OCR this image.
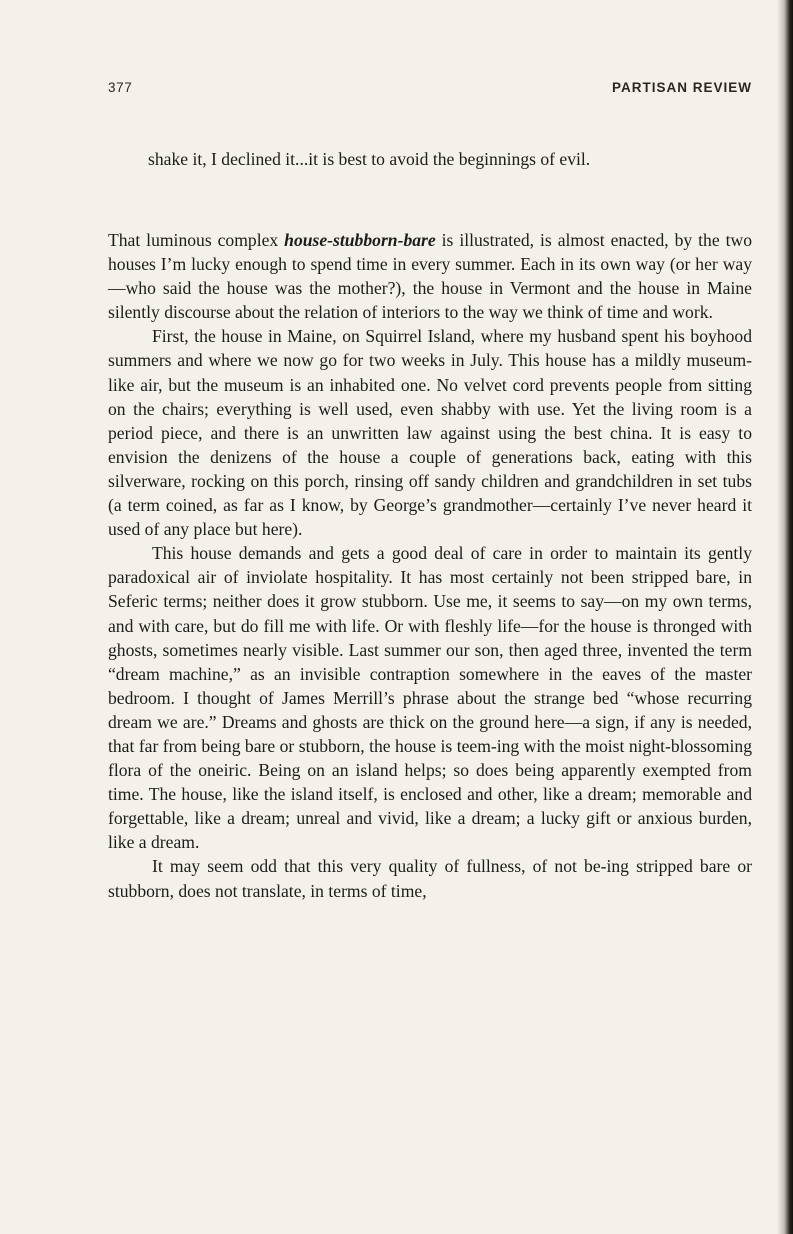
377	PARTISAN REVIEW
shake it, I declined it...it is best to avoid the beginnings of evil.

That luminous complex house-stubborn-bare is illustrated, is almost enacted, by the two houses I’m lucky enough to spend time in every summer. Each in its own way (or her way—who said the house was the mother?), the house in Vermont and the house in Maine silently discourse about the relation of interiors to the way we think of time and work.

First, the house in Maine, on Squirrel Island, where my husband spent his boyhood summers and where we now go for two weeks in July. This house has a mildly museum-like air, but the museum is an inhabited one. No velvet cord prevents people from sitting on the chairs; everything is well used, even shabby with use. Yet the living room is a period piece, and there is an unwritten law against using the best china. It is easy to envision the denizens of the house a couple of generations back, eating with this silverware, rocking on this porch, rinsing off sandy children and grandchildren in set tubs (a term coined, as far as I know, by George’s grandmother—certainly I’ve never heard it used of any place but here).

This house demands and gets a good deal of care in order to maintain its gently paradoxical air of inviolate hospitality. It has most certainly not been stripped bare, in Seferic terms; neither does it grow stubborn. Use me, it seems to say—on my own terms, and with care, but do fill me with life. Or with fleshly life—for the house is thronged with ghosts, sometimes nearly visible. Last summer our son, then aged three, invented the term “dream machine,” as an invisible contraption somewhere in the eaves of the master bedroom. I thought of James Merrill’s phrase about the strange bed “whose recurring dream we are.” Dreams and ghosts are thick on the ground here—a sign, if any is needed, that far from being bare or stubborn, the house is teem-ing with the moist night-blossoming flora of the oneiric. Being on an island helps; so does being apparently exempted from time. The house, like the island itself, is enclosed and other, like a dream; memorable and forgettable, like a dream; unreal and vivid, like a dream; a lucky gift or anxious burden, like a dream.

It may seem odd that this very quality of fullness, of not be-ing stripped bare or stubborn, does not translate, in terms of time,
